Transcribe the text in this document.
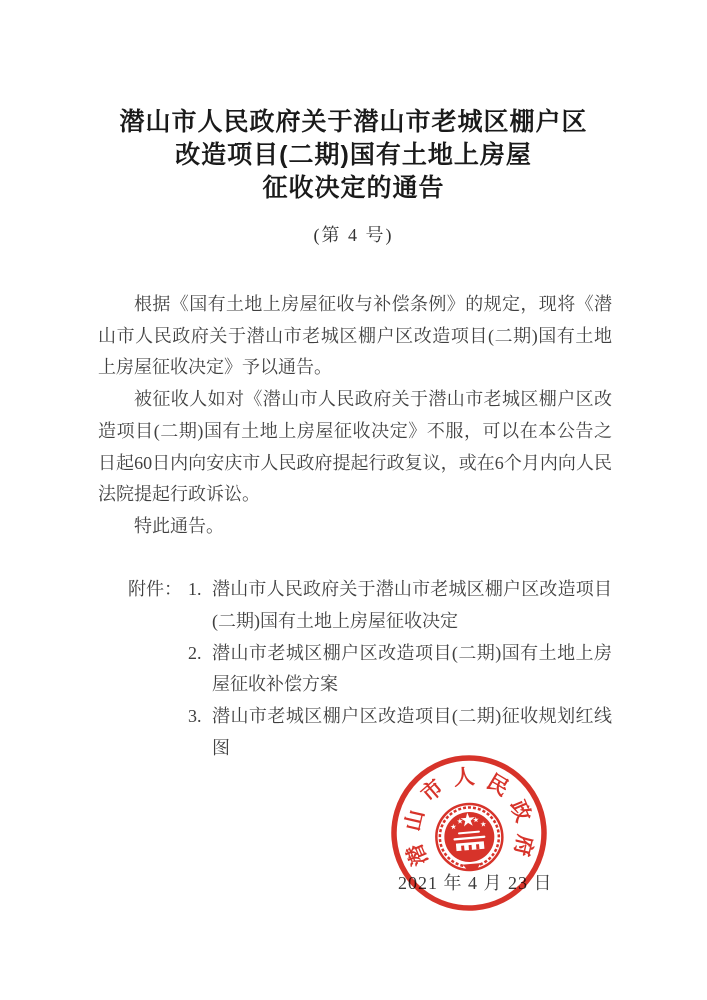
潜山市人民政府关于潜山市老城区棚户区
改造项目(二期)国有土地上房屋
征收决定的通告
(第 4 号)

根据《国有土地上房屋征收与补偿条例》的规定，现将《潜山市人民政府关于潜山市老城区棚户区改造项目(二期)国有土地上房屋征收决定》予以通告。

被征收人如对《潜山市人民政府关于潜山市老城区棚户区改造项目(二期)国有土地上房屋征收决定》不服，可以在本公告之日起60日内向安庆市人民政府提起行政复议，或在6个月内向人民法院提起行政诉讼。

特此通告。

附件： 1. 潜山市人民政府关于潜山市老城区棚户区改造项目(二期)国有土地上房屋征收决定
2. 潜山市老城区棚户区改造项目(二期)国有土地上房屋征收补偿方案
3. 潜山市老城区棚户区改造项目(二期)征收规划红线图
2021 年 4 月 23 日
潜
山
市 人 民
政
府
